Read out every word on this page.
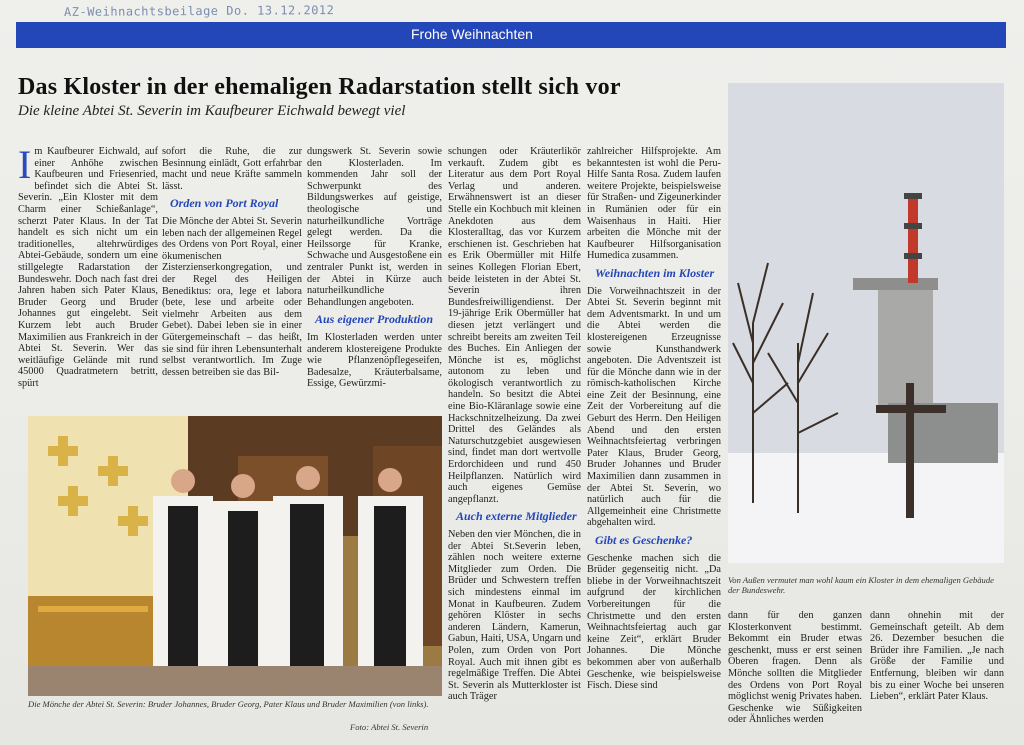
AZ-Weihnachtsbeilage Do. 13.12.2012
Frohe Weihnachten
Das Kloster in der ehemaligen Radarstation stellt sich vor
Die kleine Abtei St. Severin im Kaufbeurer Eichwald bewegt viel
I m Kaufbeurer Eichwald, auf einer Anhöhe zwischen Kaufbeuren und Friesenried, befindet sich die Abtei St. Severin. „Ein Kloster mit dem Charm einer Schießanlage“, scherzt Pater Klaus. In der Tat handelt es sich nicht um ein traditionelles, altehrwürdiges Abtei-Gebäude, sondern um eine stillgelegte Radarstation der Bundeswehr. Doch nach fast drei Jahren haben sich Pater Klaus, Bruder Georg und Bruder Johannes gut eingelebt. Seit Kurzem lebt auch Bruder Maximilien aus Frankreich in der Abtei St. Severin. Wer das weitläufige Gelände mit rund 45000 Quadratmetern betritt, spürt

sofort die Ruhe, die zur Besinnung einlädt, Gott erfahrbar macht und neue Kräfte sammeln lässt.

Orden von Port Royal

Die Mönche der Abtei St. Severin leben nach der allgemeinen Regel des Ordens von Port Royal, einer ökumenischen Zisterzienserkongregation, und der Regel des Heiligen Benediktus: ora, lege et labora (bete, lese und arbeite oder vielmehr Arbeiten aus dem Gebet). Dabei leben sie in einer Gütergemeinschaft – das heißt, sie sind für ihren Lebensunterhalt selbst verantwortlich. Im Zuge dessen betreiben sie das Bil-

dungswerk St. Severin sowie den Klosterladen. Im kommenden Jahr soll der Schwerpunkt des Bildungswerkes auf geistige, theologische und naturheilkundliche Vorträge gelegt werden. Da die Heilssorge für Kranke, Schwache und Ausgestoßene ein zentraler Punkt ist, werden in der Abtei in Kürze auch naturheilkundliche Behandlungen angeboten.

Aus eigener Produktion

Im Klosterladen werden unter anderem klostereigene Produkte wie Pflanzenöpflegeseifen, Badesalze, Kräuterbalsame, Essige, Gewürzmi-

schungen oder Kräuterlikör verkauft. Zudem gibt es Literatur aus dem Port Royal Verlag und anderen. Erwähnenswert ist an dieser Stelle ein Kochbuch mit kleinen Anekdoten aus dem Klosteralltag, das vor Kurzem erschienen ist. Geschrieben hat es Erik Obermüller mit Hilfe seines Kollegen Florian Ebert, beide leisteten in der Abtei St. Severin ihren Bundesfreiwilligendienst. Der 19-jährige Erik Obermüller hat diesen jetzt verlängert und schreibt bereits am zweiten Teil des Buches. Ein Anliegen der Mönche ist es, möglichst autonom zu leben und ökologisch verantwortlich zu handeln. So besitzt die Abtei eine Bio-Kläranlage sowie eine Hackschnitzelheizung. Da zwei Drittel des Geländes als Naturschutzgebiet ausgewiesen sind, findet man dort wertvolle Erdorchideen und rund 450 Heilpflanzen. Natürlich wird auch eigenes Gemüse angepflanzt.

Auch externe Mitglieder

Neben den vier Mönchen, die in der Abtei St.Severin leben, zählen noch weitere externe Mitglieder zum Orden. Die Brüder und Schwestern treffen sich mindestens einmal im Monat in Kaufbeuren. Zudem gehören Klöster in sechs anderen Ländern, Kamerun, Gabun, Haiti, USA, Ungarn und Polen, zum Orden von Port Royal. Auch mit ihnen gibt es regelmäßige Treffen. Die Abtei St. Severin als Mutterkloster ist auch Träger

zahlreicher Hilfsprojekte. Am bekanntesten ist wohl die Peru-Hilfe Santa Rosa. Zudem laufen weitere Projekte, beispielsweise für Straßen- und Zigeunerkinder in Rumänien oder für ein Waisenhaus in Haiti. Hier arbeiten die Mönche mit der Kaufbeurer Hilfsorganisation Humedica zusammen.

Weihnachten im Kloster

Die Vorweihnachtszeit in der Abtei St. Severin beginnt mit dem Adventsmarkt. In und um die Abtei werden die klostereigenen Erzeugnisse sowie Kunsthandwerk angeboten. Die Adventszeit ist für die Mönche dann wie in der römisch-katholischen Kirche eine Zeit der Besinnung, eine Zeit der Vorbereitung auf die Geburt des Herrn. Den Heiligen Abend und den ersten Weihnachtsfeiertag verbringen Pater Klaus, Bruder Georg, Bruder Johannes und Bruder Maximilien dann zusammen in der Abtei St. Severin, wo natürlich auch für die Allgemeinheit eine Christmette abgehalten wird.

Gibt es Geschenke?

Geschenke machen sich die Brüder gegenseitig nicht. „Da bliebe in der Vorweihnachtszeit aufgrund der kirchlichen Vorbereitungen für die Christmette und den ersten Weihnachtsfeiertag auch gar keine Zeit“, erklärt Bruder Johannes. Die Mönche bekommen aber von außerhalb Geschenke, wie beispielsweise Fisch. Diese sind

dann für den ganzen Klosterkonvent bestimmt. Bekommt ein Bruder etwas geschenkt, muss er erst seinen Oberen fragen. Denn als Mönche sollten die Mitglieder des Ordens von Port Royal möglichst wenig Privates haben. Geschenke wie Süßigkeiten oder Ähnliches werden

dann ohnehin mit der Gemeinschaft geteilt. Ab dem 26. Dezember besuchen die Brüder ihre Familien. „Je nach Größe der Familie und Entfernung, bleiben wir dann bis zu einer Woche bei unseren Lieben“, erklärt Pater Klaus.

Die Mönche der Abtei St. Severin: Bruder Johannes, Bruder Georg, Pater Klaus und Bruder Maximilien (von links).
Foto: Abtei St. Severin
Von Außen vermutet man wohl kaum ein Kloster in dem ehemaligen Gebäude der Bundeswehr.
